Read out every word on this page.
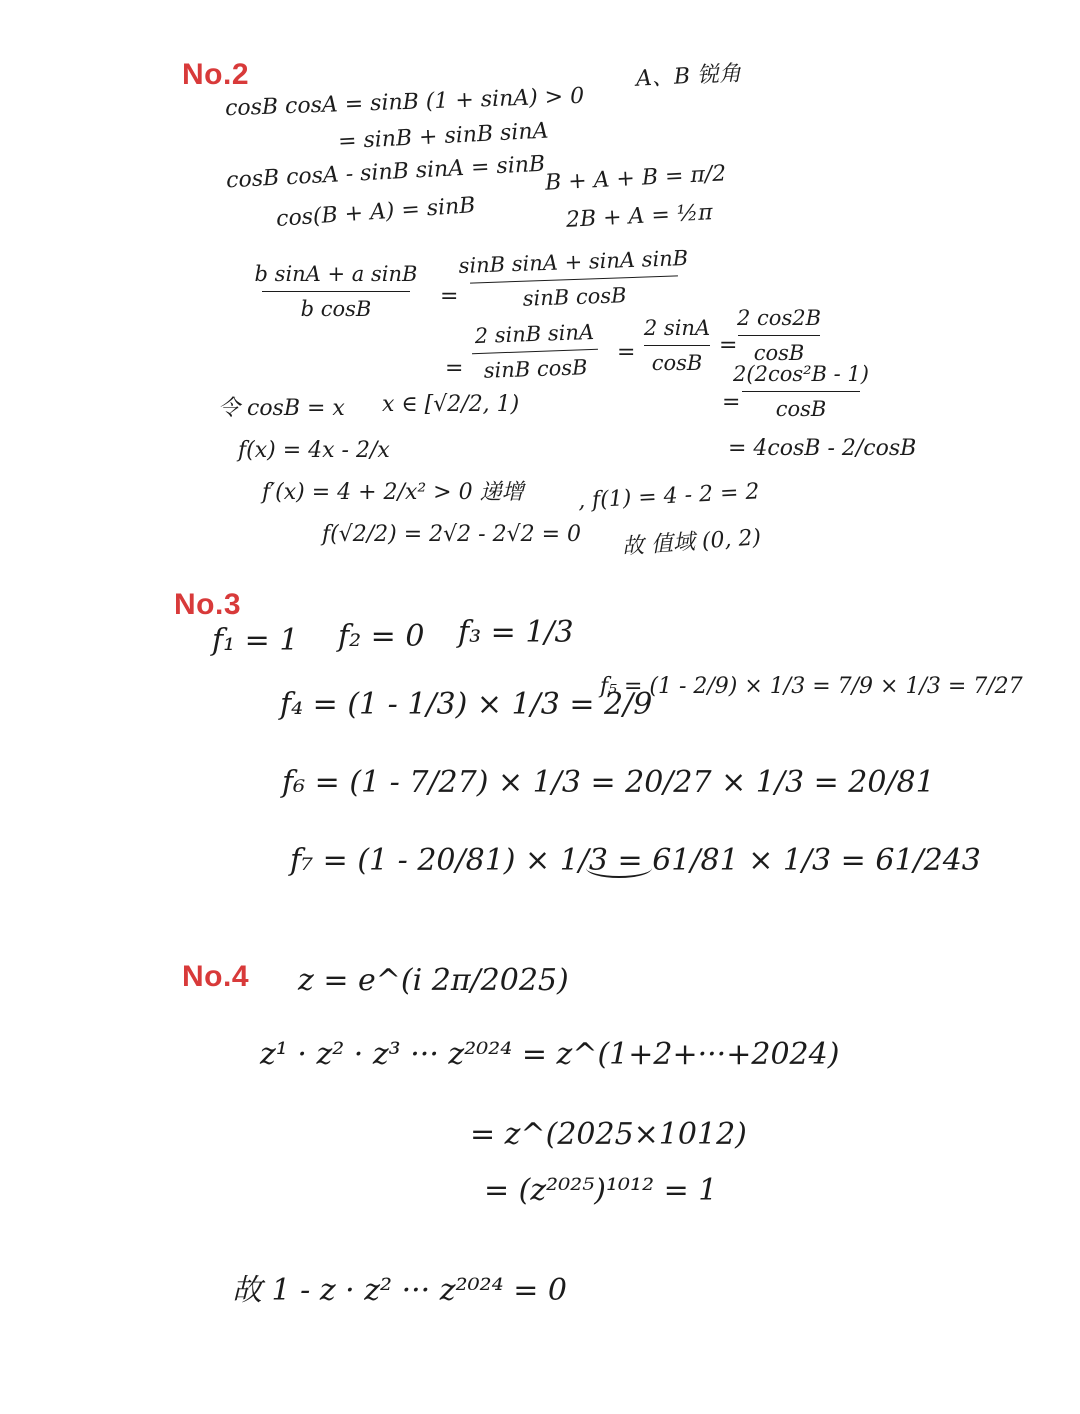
No.2
cosB cosA = sinB (1 + sinA) > 0
A、B 锐角
= sinB + sinB sinA
cosB cosA - sinB sinA = sinB
cos(B + A) = sinB
B + A + B = π/2
2B + A = ½π
b sinA + a sinB
b cosB	=
sinB sinA + sinA sinB
sinB cosB
=
2 sinB sinA
sinB cosB
=
2 sinA
cosB
=
2 cos2B
cosB
=
2(2cos²B - 1)
cosB
= 4cosB - 2/cosB
令 cosB = x x ∈ [√2/2, 1)
f(x) = 4x - 2/x
f′(x) = 4 + 2/x² > 0 递增
f(√2/2) = 2√2 - 2√2 = 0
, f(1) = 4 - 2 = 2
故 值域 (0, 2)
No.3
f₁ = 1 f₂ = 0 f₃ = 1/3
f₄ = (1 - 1/3) × 1/3 = 2/9
f₅ = (1 - 2/9) × 1/3 = 7/9 × 1/3 = 7/27
f₆ = (1 - 7/27) × 1/3 = 20/27 × 1/3 = 20/81
f₇ = (1 - 20/81) × 1/3 = 61/81 × 1/3 = 61/243
No.4 z = e^(i 2π/2025)
z¹ · z² · z³ ··· z²⁰²⁴ = z^(1+2+···+2024)
= z^(2025×1012)
= (z²⁰²⁵)¹⁰¹² = 1
故 1 - z · z² ··· z²⁰²⁴ = 0
